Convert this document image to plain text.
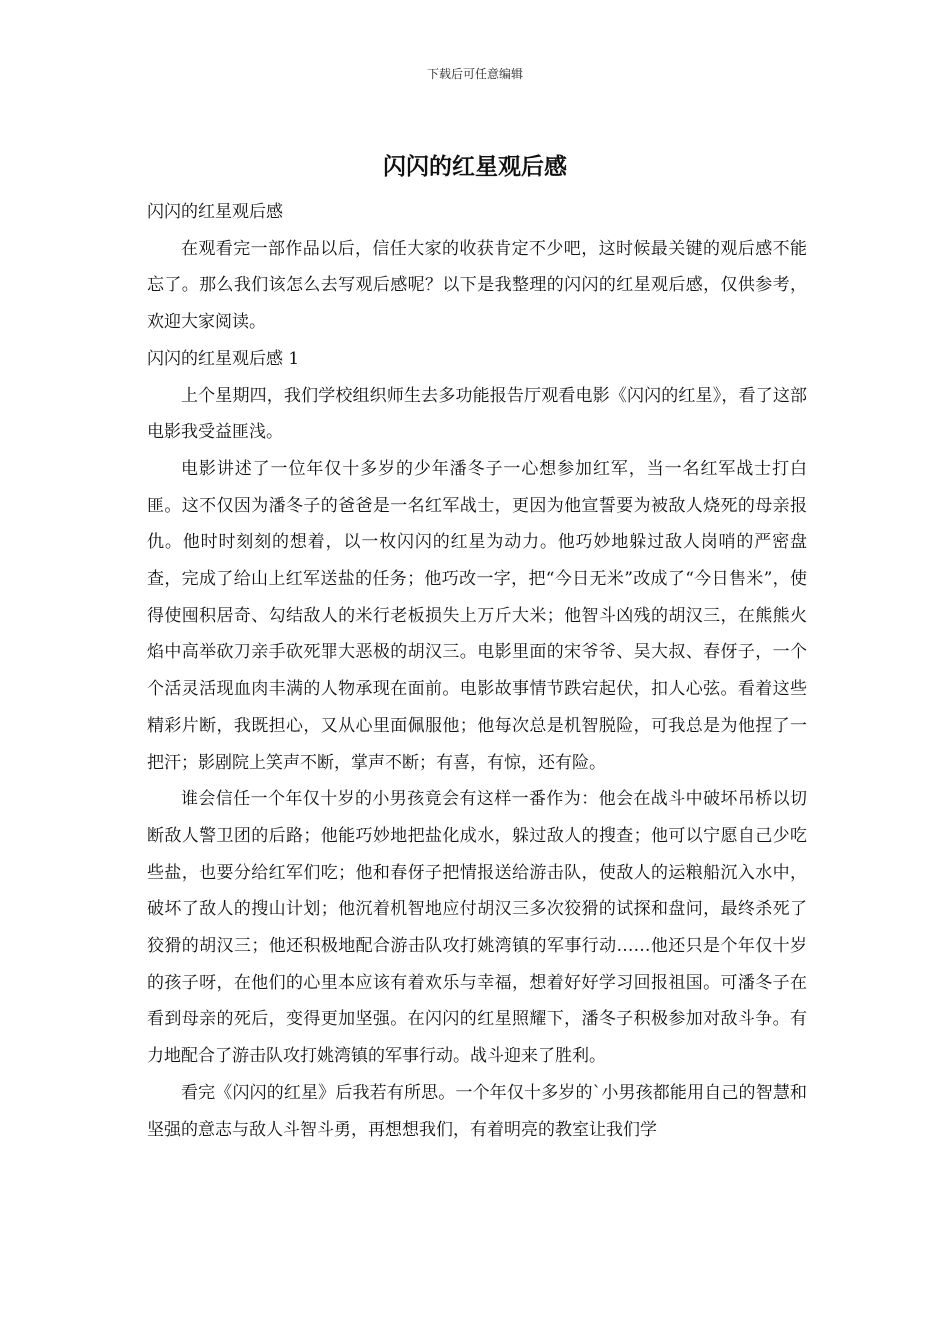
下载后可任意编辑
闪闪的红星观后感

闪闪的红星观后感

在观看完一部作品以后，信任大家的收获肯定不少吧，这时候最关键的观后感不能忘了。那么我们该怎么去写观后感呢？以下是我整理的闪闪的红星观后感，仅供参考，欢迎大家阅读。

闪闪的红星观后感 1

上个星期四，我们学校组织师生去多功能报告厅观看电影《闪闪的红星》，看了这部电影我受益匪浅。

电影讲述了一位年仅十多岁的少年潘冬子一心想参加红军，当一名红军战士打白匪。这不仅因为潘冬子的爸爸是一名红军战士，更因为他宣誓要为被敌人烧死的母亲报仇。他时时刻刻的想着，以一枚闪闪的红星为动力。他巧妙地躲过敌人岗哨的严密盘查，完成了给山上红军送盐的任务；他巧改一字，把“今日无米”改成了“今日售米”，使得使囤积居奇、勾结敌人的米行老板损失上万斤大米；他智斗凶残的胡汉三，在熊熊火焰中高举砍刀亲手砍死罪大恶极的胡汉三。电影里面的宋爷爷、吴大叔、春伢子，一个个活灵活现血肉丰满的人物承现在面前。电影故事情节跌宕起伏，扣人心弦。看着这些精彩片断，我既担心，又从心里面佩服他；他每次总是机智脱险，可我总是为他捏了一把汗；影剧院上笑声不断，掌声不断；有喜，有惊，还有险。

谁会信任一个年仅十岁的小男孩竟会有这样一番作为：他会在战斗中破坏吊桥以切断敌人警卫团的后路；他能巧妙地把盐化成水，躲过敌人的搜查；他可以宁愿自己少吃些盐，也要分给红军们吃；他和春伢子把情报送给游击队，使敌人的运粮船沉入水中，破坏了敌人的搜山计划；他沉着机智地应付胡汉三多次狡猾的试探和盘问，最终杀死了狡猾的胡汉三；他还积极地配合游击队攻打姚湾镇的军事行动……他还只是个年仅十岁的孩子呀，在他们的心里本应该有着欢乐与幸福，想着好好学习回报祖国。可潘冬子在看到母亲的死后，变得更加坚强。在闪闪的红星照耀下，潘冬子积极参加对敌斗争。有力地配合了游击队攻打姚湾镇的军事行动。战斗迎来了胜利。

看完《闪闪的红星》后我若有所思。一个年仅十多岁的`小男孩都能用自己的智慧和坚强的意志与敌人斗智斗勇，再想想我们，有着明亮的教室让我们学
